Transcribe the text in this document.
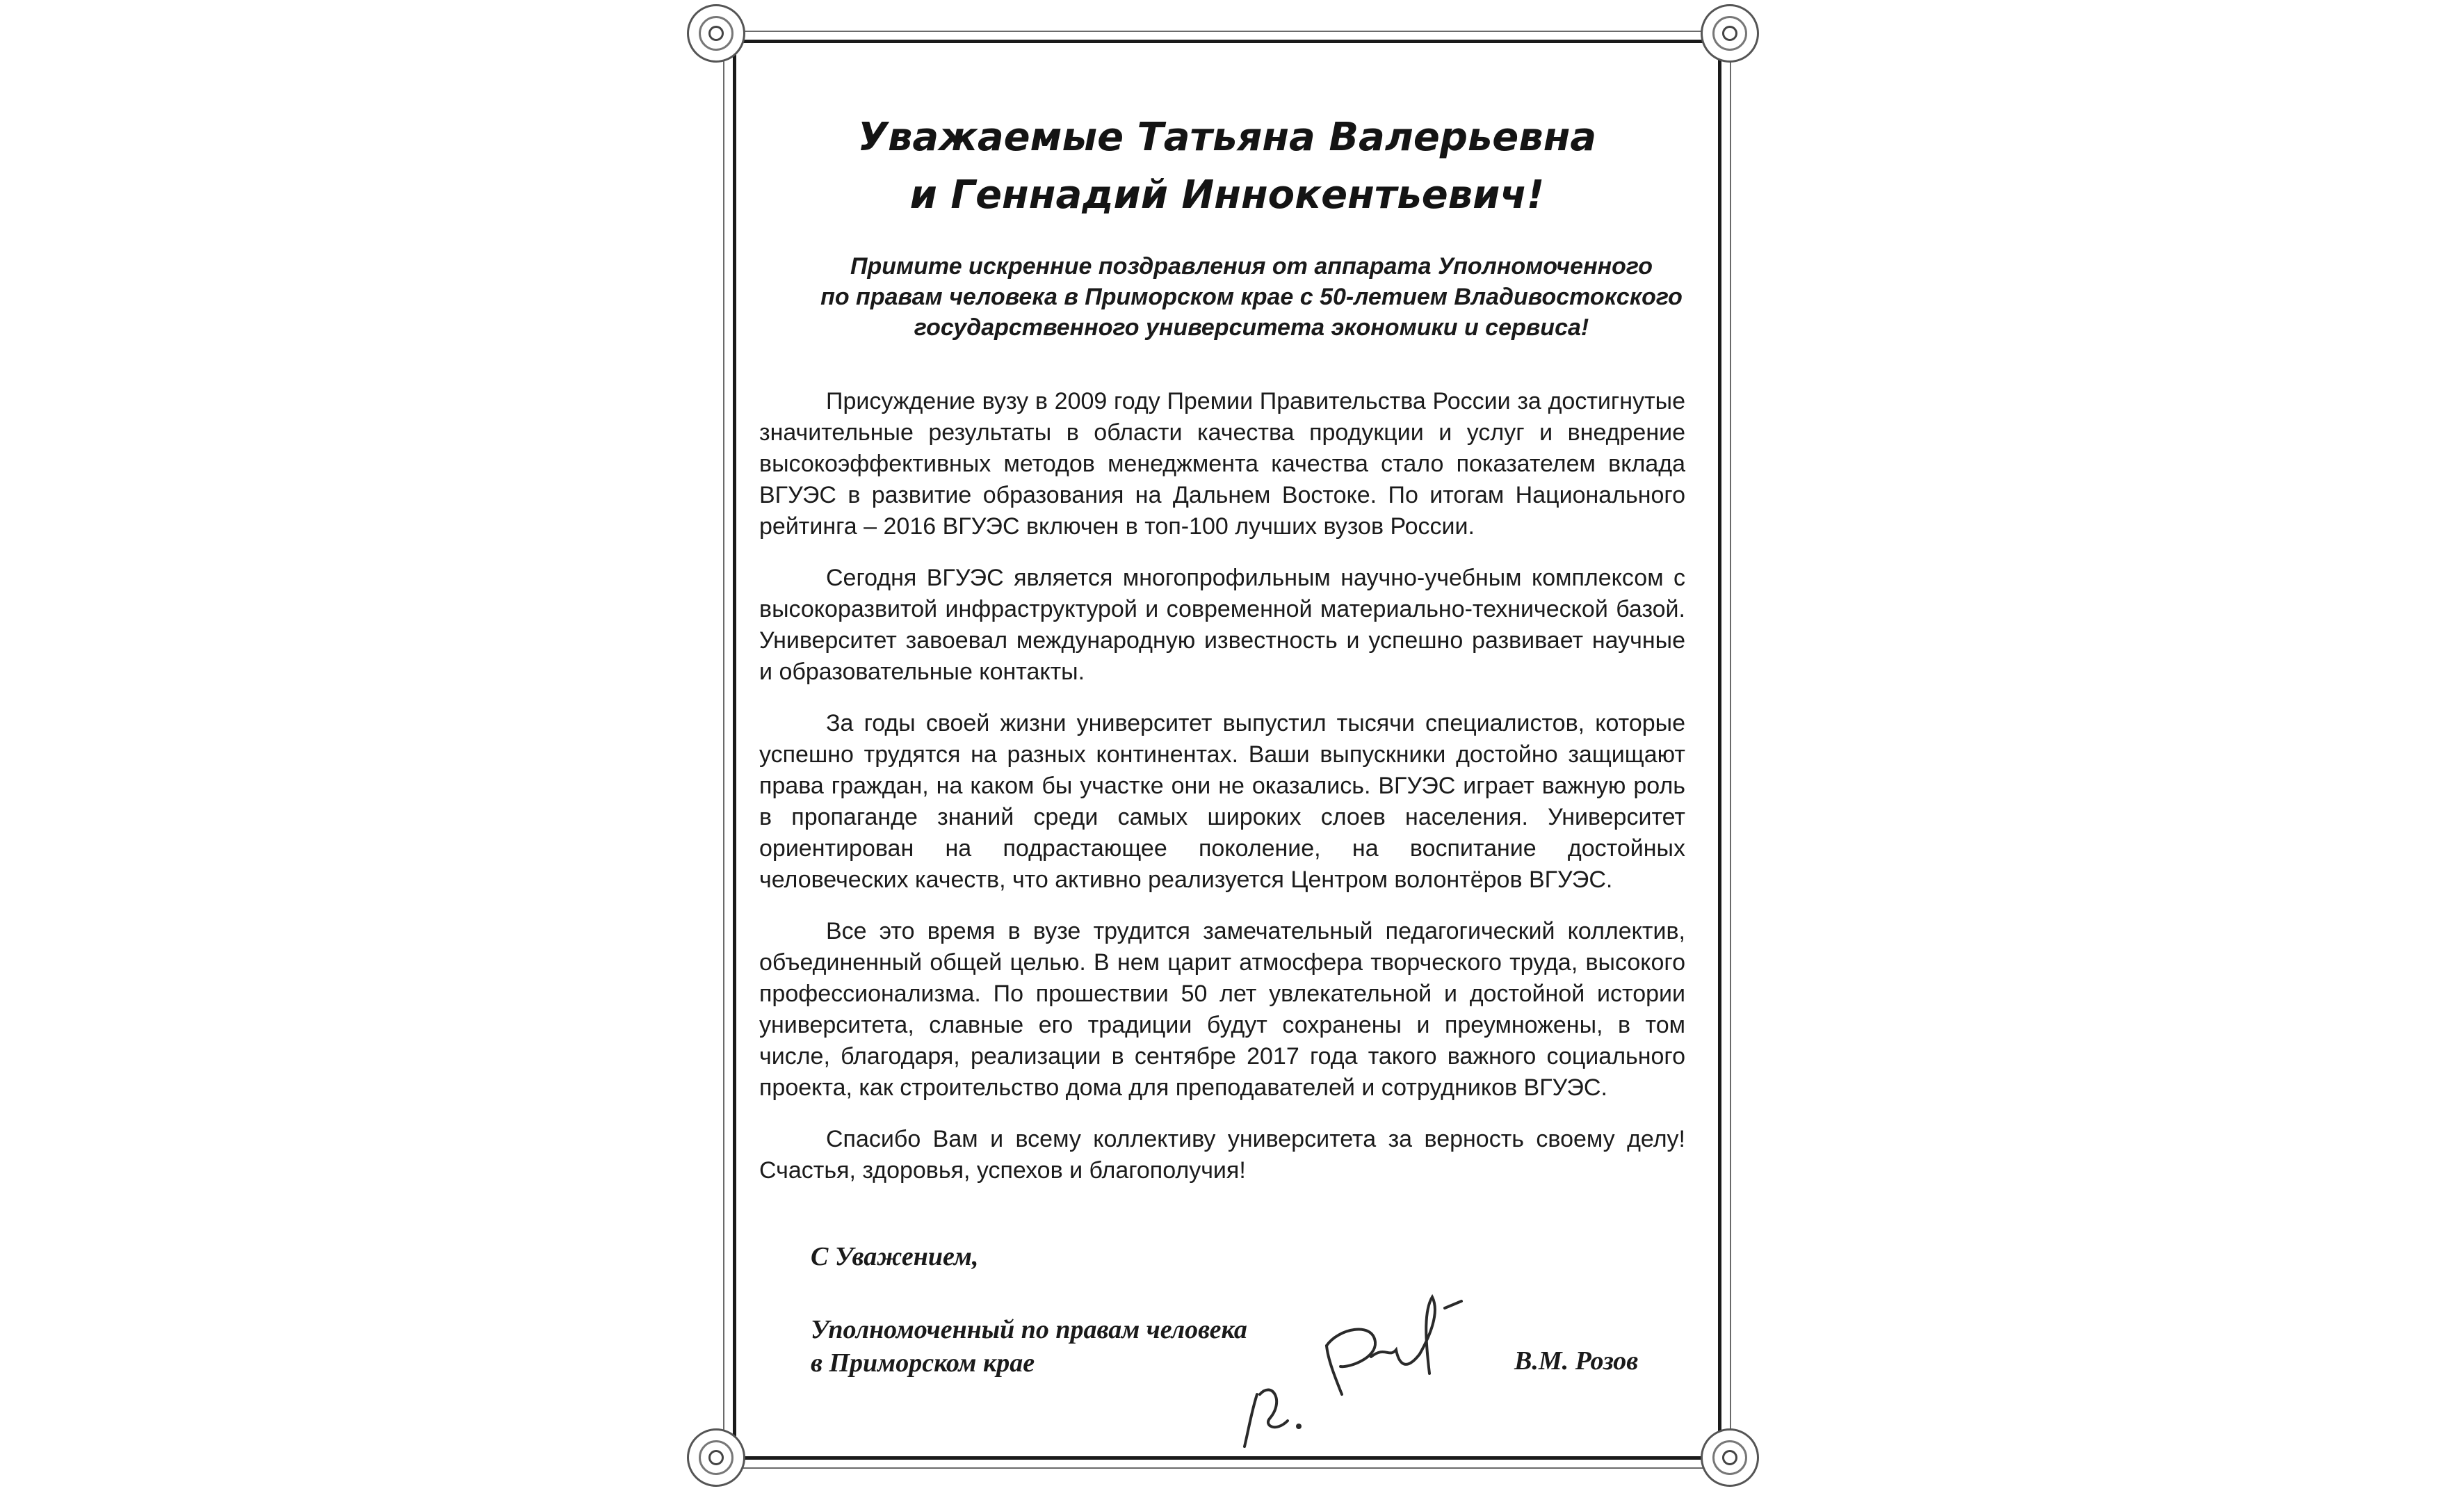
Уважаемые Татьяна Валерьевна
и Геннадий Иннокентьевич!
Примите искренние поздравления от аппарата Уполномоченного
по правам человека в Приморском крае с 50-летием Владивостокского
государственного университета экономики и сервиса!

Присуждение вузу в 2009 году Премии Правительства России за достигнутые значительные результаты в области качества продукции и услуг и внедрение высокоэффективных методов менеджмента качества стало показателем вклада ВГУЭС в развитие образования на Дальнем Востоке. По итогам Национального рейтинга – 2016 ВГУЭС включен в топ-100 лучших вузов России.

Сегодня ВГУЭС является многопрофильным научно-учебным комплексом с высокоразвитой инфраструктурой и современной материально-технической базой. Университет завоевал международную известность и успешно развивает научные и образовательные контакты.

За годы своей жизни университет выпустил тысячи специалистов, которые успешно трудятся на разных континентах. Ваши выпускники достойно защищают права граждан, на каком бы участке они не оказались. ВГУЭС играет важную роль в пропаганде знаний среди самых широких слоев населения. Университет ориентирован на подрастающее поколение, на воспитание достойных человеческих качеств, что активно реализуется Центром волонтёров ВГУЭС.

Все это время в вузе трудится замечательный педагогический коллектив, объединенный общей целью. В нем царит атмосфера творческого труда, высокого профессионализма. По прошествии 50 лет увлекательной и достойной истории университета, славные его традиции будут сохранены и преумножены, в том числе, благодаря, реализации в сентябре 2017 года такого важного социального проекта, как строительство дома для преподавателей и сотрудников ВГУЭС.

Спасибо Вам и всему коллективу университета за верность своему делу! Счастья, здоровья, успехов и благополучия!

С Уважением,
Уполномоченный по правам человека
в Приморском крае	В.М. Розов
